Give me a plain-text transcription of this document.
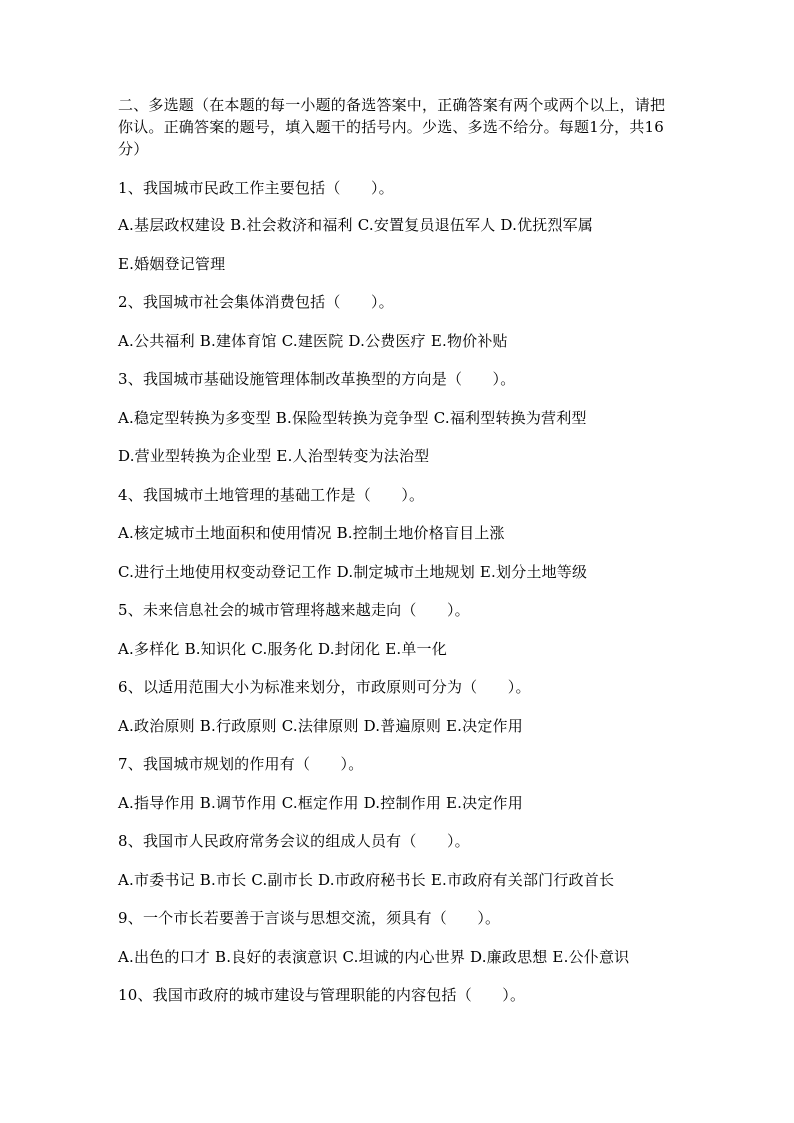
二、多选题（在本题的每一小题的备选答案中，正确答案有两个或两个以上，请把你认。正确答案的题号，填入题干的括号内。少选、多选不给分。每题1分，共16分）
1、我国城市民政工作主要包括（　　）。
A.基层政权建设 B.社会救济和福利 C.安置复员退伍军人 D.优抚烈军属
E.婚姻登记管理
2、我国城市社会集体消费包括（　　）。
A.公共福利 B.建体育馆 C.建医院 D.公费医疗 E.物价补贴
3、我国城市基础设施管理体制改革换型的方向是（　　）。
A.稳定型转换为多变型 B.保险型转换为竞争型 C.福利型转换为营利型
D.营业型转换为企业型 E.人治型转变为法治型
4、我国城市土地管理的基础工作是（　　）。
A.核定城市土地面积和使用情况 B.控制土地价格盲目上涨
C.进行土地使用权变动登记工作 D.制定城市土地规划 E.划分土地等级
5、未来信息社会的城市管理将越来越走向（　　）。
A.多样化 B.知识化 C.服务化 D.封闭化 E.单一化
6、以适用范围大小为标准来划分，市政原则可分为（　　）。
A.政治原则 B.行政原则 C.法律原则 D.普遍原则 E.决定作用
7、我国城市规划的作用有（　　）。
A.指导作用 B.调节作用 C.框定作用 D.控制作用 E.决定作用
8、我国市人民政府常务会议的组成人员有（　　）。
A.市委书记 B.市长 C.副市长 D.市政府秘书长 E.市政府有关部门行政首长
9、一个市长若要善于言谈与思想交流，须具有（　　）。
A.出色的口才 B.良好的表演意识 C.坦诚的内心世界 D.廉政思想 E.公仆意识
10、我国市政府的城市建设与管理职能的内容包括（　　）。
